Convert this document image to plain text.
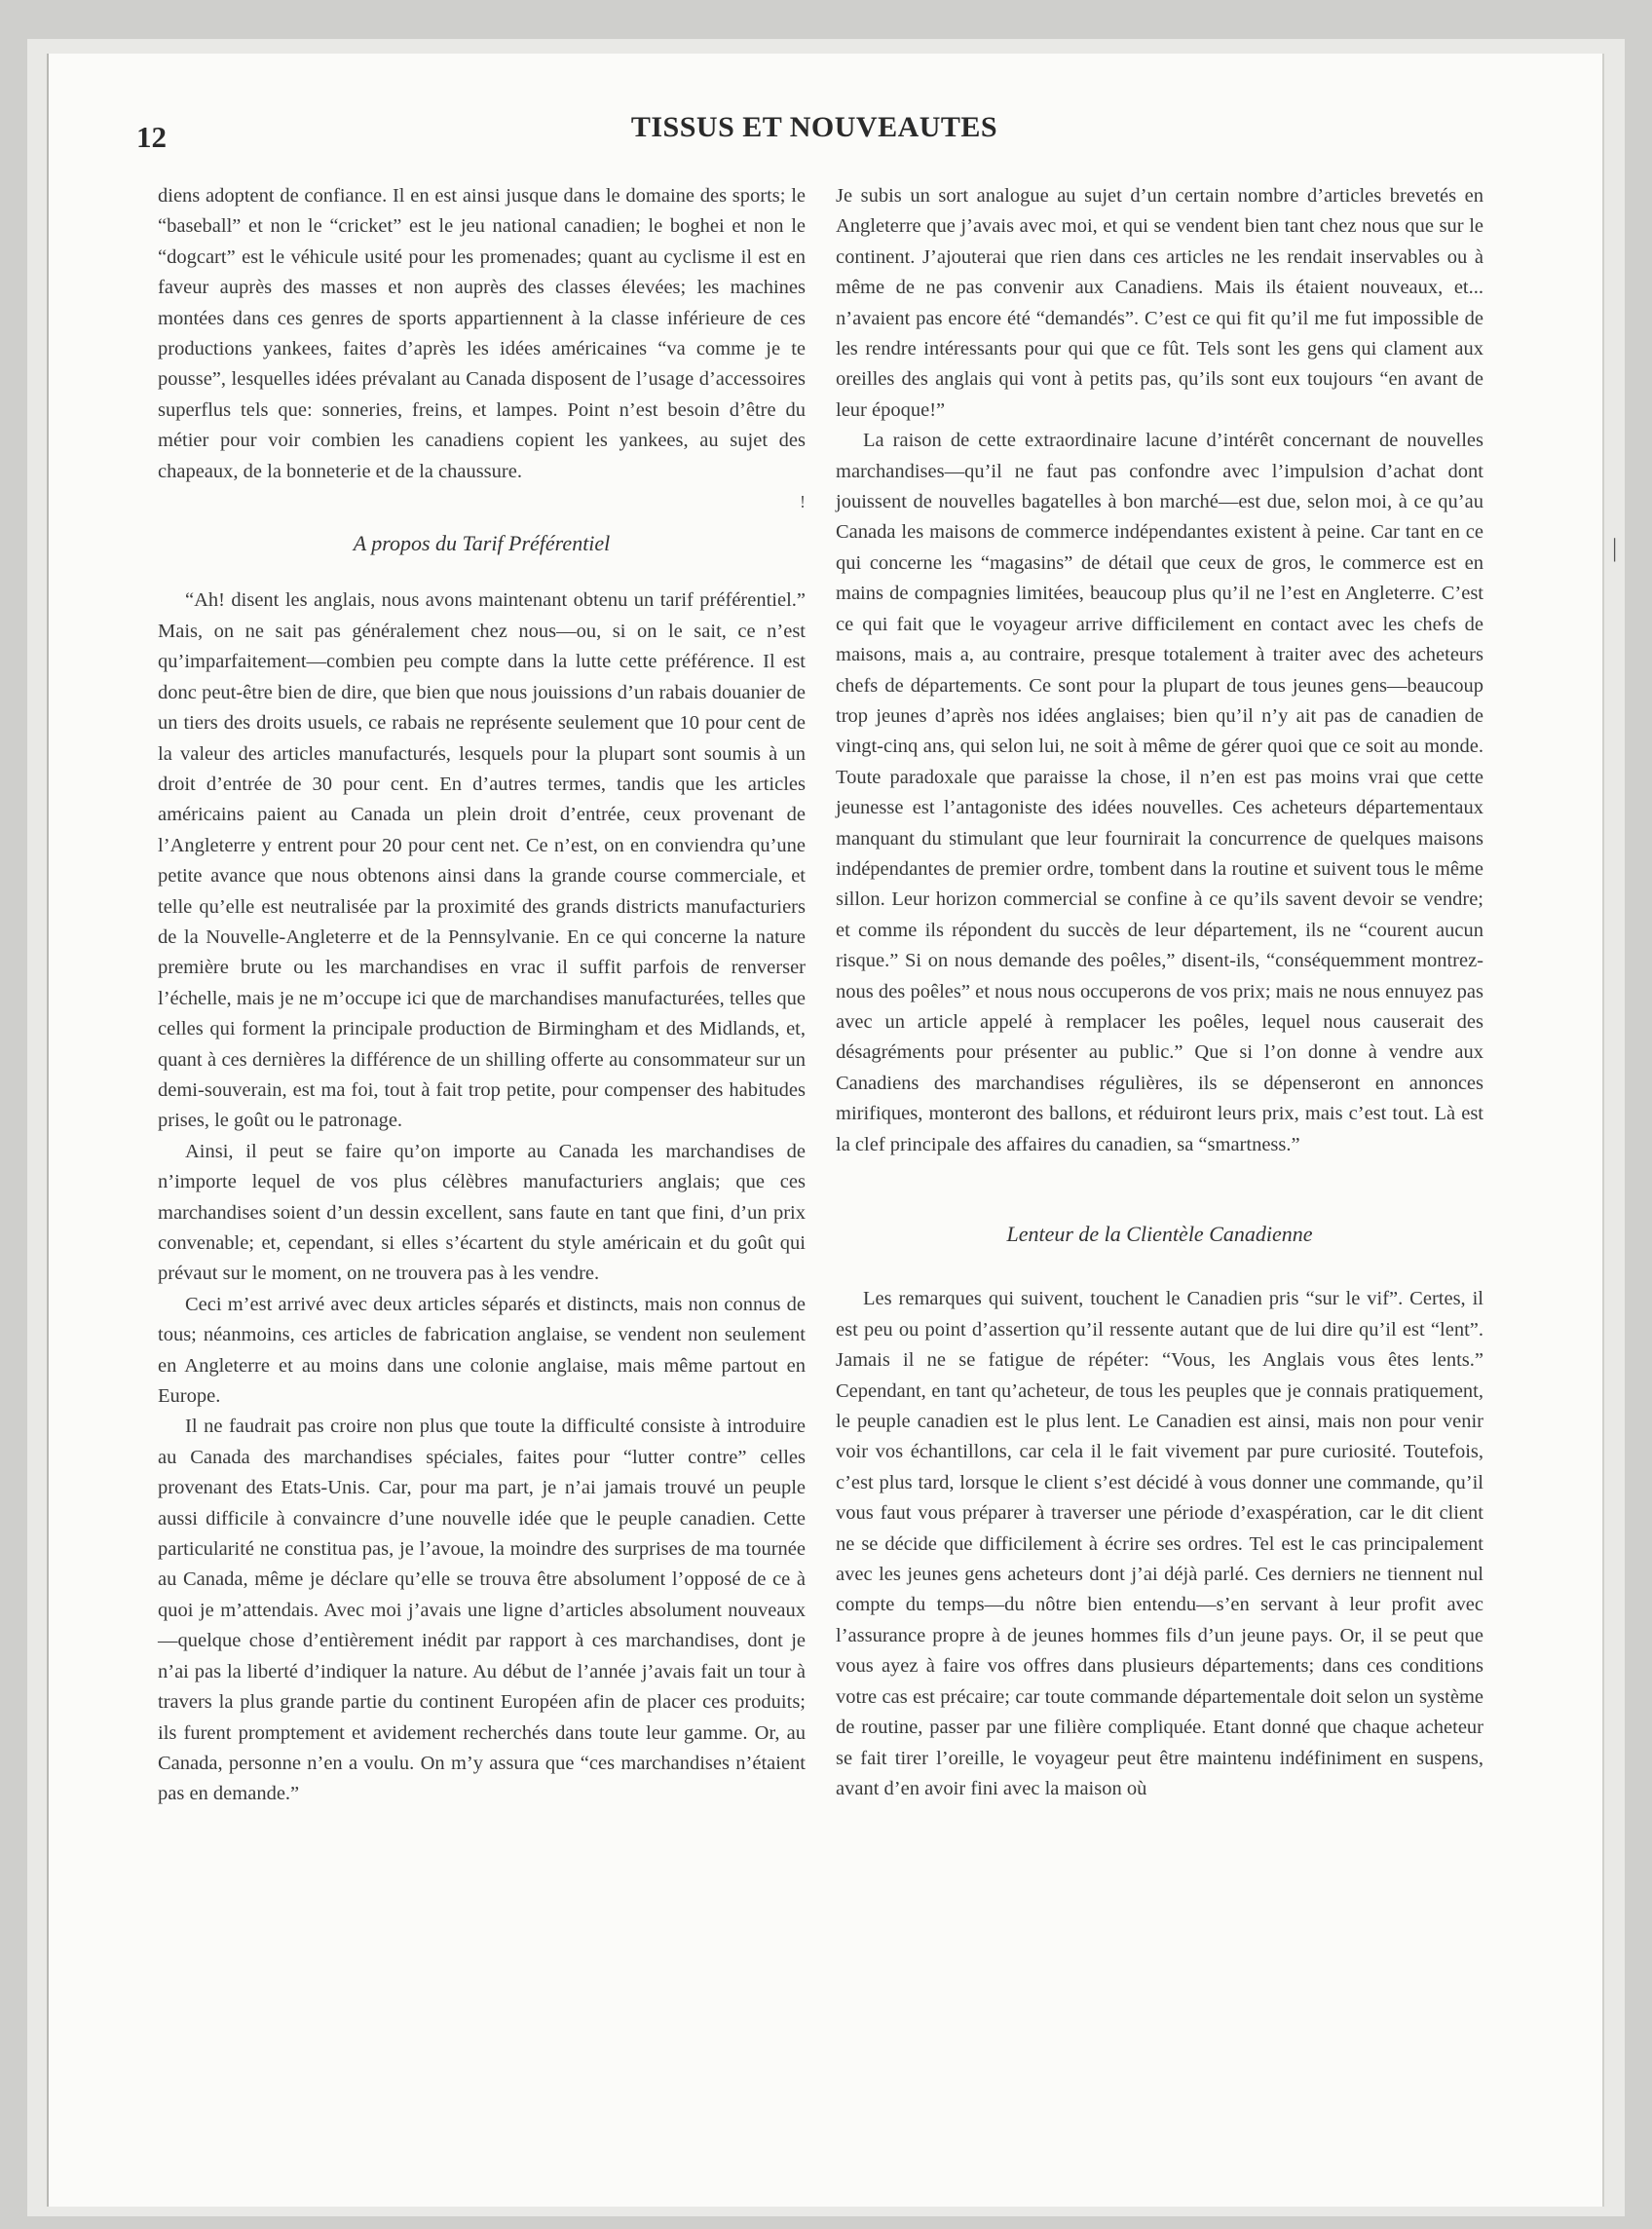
12	TISSUS ET NOUVEAUTES

diens adoptent de confiance. Il en est ainsi jusque dans le domaine des sports; le “baseball” et non le “cricket” est le jeu national canadien; le boghei et non le “dogcart” est le véhicule usité pour les promenades; quant au cyclisme il est en faveur auprès des masses et non auprès des classes élevées; les machines montées dans ces genres de sports appartiennent à la classe inférieure de ces productions yankees, faites d’après les idées américaines “va comme je te pousse”, lesquelles idées prévalant au Canada disposent de l’usage d’accessoires superflus tels que: sonneries, freins, et lampes. Point n’est besoin d’être du métier pour voir combien les canadiens copient les yankees, au sujet des chapeaux, de la bonneterie et de la chaussure.

!

A propos du Tarif Préférentiel

“Ah! disent les anglais, nous avons maintenant obtenu un tarif préférentiel.” Mais, on ne sait pas généralement chez nous—ou, si on le sait, ce n’est qu’imparfaitement—combien peu compte dans la lutte cette préférence. Il est donc peut-être bien de dire, que bien que nous jouissions d’un rabais douanier de un tiers des droits usuels, ce rabais ne représente seulement que 10 pour cent de la valeur des articles manufacturés, lesquels pour la plupart sont soumis à un droit d’entrée de 30 pour cent. En d’autres termes, tandis que les articles américains paient au Canada un plein droit d’entrée, ceux provenant de l’Angleterre y entrent pour 20 pour cent net. Ce n’est, on en conviendra qu’une petite avance que nous obtenons ainsi dans la grande course commerciale, et telle qu’elle est neutralisée par la proximité des grands districts manufacturiers de la Nouvelle-Angleterre et de la Pennsylvanie. En ce qui concerne la nature première brute ou les marchandises en vrac il suffit parfois de renverser l’échelle, mais je ne m’occupe ici que de marchandises manufacturées, telles que celles qui forment la principale production de Birmingham et des Midlands, et, quant à ces dernières la différence de un shilling offerte au consommateur sur un demi-souverain, est ma foi, tout à fait trop petite, pour compenser des habitudes prises, le goût ou le patronage.

Ainsi, il peut se faire qu’on importe au Canada les marchandises de n’importe lequel de vos plus célèbres manufacturiers anglais; que ces marchandises soient d’un dessin excellent, sans faute en tant que fini, d’un prix convenable; et, cependant, si elles s’écartent du style américain et du goût qui prévaut sur le moment, on ne trouvera pas à les vendre.

Ceci m’est arrivé avec deux articles séparés et distincts, mais non connus de tous; néanmoins, ces articles de fabrication anglaise, se vendent non seulement en Angleterre et au moins dans une colonie anglaise, mais même partout en Europe.

Il ne faudrait pas croire non plus que toute la difficulté consiste à introduire au Canada des marchandises spéciales, faites pour “lutter contre” celles provenant des Etats-Unis. Car, pour ma part, je n’ai jamais trouvé un peuple aussi difficile à convaincre d’une nouvelle idée que le peuple canadien. Cette particularité ne constitua pas, je l’avoue, la moindre des surprises de ma tournée au Canada, même je déclare qu’elle se trouva être absolument l’opposé de ce à quoi je m’attendais. Avec moi j’avais une ligne d’articles absolument nouveaux—quelque chose d’entièrement inédit par rapport à ces marchandises, dont je n’ai pas la liberté d’indiquer la nature. Au début de l’année j’avais fait un tour à travers la plus grande partie du continent Européen afin de placer ces produits; ils furent promptement et avidement recherchés dans toute leur gamme. Or, au Canada, personne n’en a voulu. On m’y assura que “ces marchandises n’étaient pas en demande.”

Je subis un sort analogue au sujet d’un certain nombre d’articles brevetés en Angleterre que j’avais avec moi, et qui se vendent bien tant chez nous que sur le continent. J’ajouterai que rien dans ces articles ne les rendait inservables ou à même de ne pas convenir aux Canadiens. Mais ils étaient nouveaux, et... n’avaient pas encore été “demandés”. C’est ce qui fit qu’il me fut impossible de les rendre intéressants pour qui que ce fût. Tels sont les gens qui clament aux oreilles des anglais qui vont à petits pas, qu’ils sont eux toujours “en avant de leur époque!”

La raison de cette extraordinaire lacune d’intérêt concernant de nouvelles marchandises—qu’il ne faut pas confondre avec l’impulsion d’achat dont jouissent de nouvelles bagatelles à bon marché—est due, selon moi, à ce qu’au Canada les maisons de commerce indépendantes existent à peine. Car tant en ce qui concerne les “magasins” de détail que ceux de gros, le commerce est en mains de compagnies limitées, beaucoup plus qu’il ne l’est en Angleterre. C’est ce qui fait que le voyageur arrive difficilement en contact avec les chefs de maisons, mais a, au contraire, presque totalement à traiter avec des acheteurs chefs de départements. Ce sont pour la plupart de tous jeunes gens—beaucoup trop jeunes d’après nos idées anglaises; bien qu’il n’y ait pas de canadien de vingt-cinq ans, qui selon lui, ne soit à même de gérer quoi que ce soit au monde. Toute paradoxale que paraisse la chose, il n’en est pas moins vrai que cette jeunesse est l’antagoniste des idées nouvelles. Ces acheteurs départementaux manquant du stimulant que leur fournirait la concurrence de quelques maisons indépendantes de premier ordre, tombent dans la routine et suivent tous le même sillon. Leur horizon commercial se confine à ce qu’ils savent devoir se vendre; et comme ils répondent du succès de leur département, ils ne “courent aucun risque.” Si on nous demande des poêles,” disent-ils, “conséquemment montrez-nous des poêles” et nous nous occuperons de vos prix; mais ne nous ennuyez pas avec un article appelé à remplacer les poêles, lequel nous causerait des désagréments pour présenter au public.” Que si l’on donne à vendre aux Canadiens des marchandises régulières, ils se dépenseront en annonces mirifiques, monteront des ballons, et réduiront leurs prix, mais c’est tout. Là est la clef principale des affaires du canadien, sa “smartness.”

Lenteur de la Clientèle Canadienne

Les remarques qui suivent, touchent le Canadien pris “sur le vif”. Certes, il est peu ou point d’assertion qu’il ressente autant que de lui dire qu’il est “lent”. Jamais il ne se fatigue de répéter: “Vous, les Anglais vous êtes lents.” Cependant, en tant qu’acheteur, de tous les peuples que je connais pratiquement, le peuple canadien est le plus lent. Le Canadien est ainsi, mais non pour venir voir vos échantillons, car cela il le fait vivement par pure curiosité. Toutefois, c’est plus tard, lorsque le client s’est décidé à vous donner une commande, qu’il vous faut vous préparer à traverser une période d’exaspération, car le dit client ne se décide que difficilement à écrire ses ordres. Tel est le cas principalement avec les jeunes gens acheteurs dont j’ai déjà parlé. Ces derniers ne tiennent nul compte du temps—du nôtre bien entendu—s’en servant à leur profit avec l’assurance propre à de jeunes hommes fils d’un jeune pays. Or, il se peut que vous ayez à faire vos offres dans plusieurs départements; dans ces conditions votre cas est précaire; car toute commande départementale doit selon un système de routine, passer par une filière compliquée. Etant donné que chaque acheteur se fait tirer l’oreille, le voyageur peut être maintenu indéfiniment en suspens, avant d’en avoir fini avec la maison où

|
